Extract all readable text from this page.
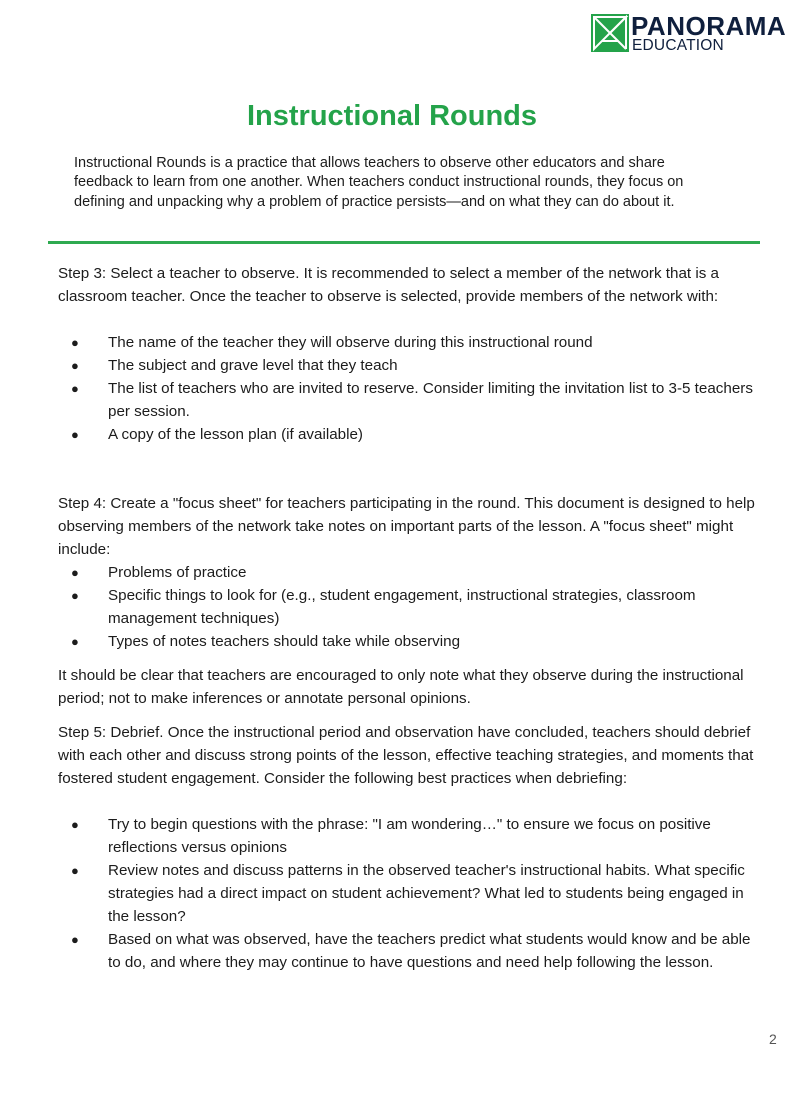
PANORAMA
EDUCATION
Instructional Rounds

Instructional Rounds is a practice that allows teachers to observe other educators and share feedback to learn from one another. When teachers conduct instructional rounds, they focus on defining and unpacking why a problem of practice persists—and on what they can do about it.

Step 3: Select a teacher to observe. It is recommended to select a member of the network that is a classroom teacher. Once the teacher to observe is selected, provide members of the network with:

● The name of the teacher they will observe during this instructional round
● The subject and grave level that they teach
● The list of teachers who are invited to reserve. Consider limiting the invitation list to 3-5 teachers per session.
● A copy of the lesson plan (if available)

Step 4: Create a "focus sheet" for teachers participating in the round. This document is designed to help observing members of the network take notes on important parts of the lesson. A "focus sheet" might include:

● Problems of practice
● Specific things to look for (e.g., student engagement, instructional strategies, classroom management techniques)
● Types of notes teachers should take while observing

It should be clear that teachers are encouraged to only note what they observe during the instructional period; not to make inferences or annotate personal opinions.

Step 5: Debrief. Once the instructional period and observation have concluded, teachers should debrief with each other and discuss strong points of the lesson, effective teaching strategies, and moments that fostered student engagement. Consider the following best practices when debriefing:

● Try to begin questions with the phrase: "I am wondering…" to ensure we focus on positive reflections versus opinions
● Review notes and discuss patterns in the observed teacher's instructional habits. What specific strategies had a direct impact on student achievement? What led to students being engaged in the lesson?
● Based on what was observed, have the teachers predict what students would know and be able to do, and where they may continue to have questions and need help following the lesson.
2
